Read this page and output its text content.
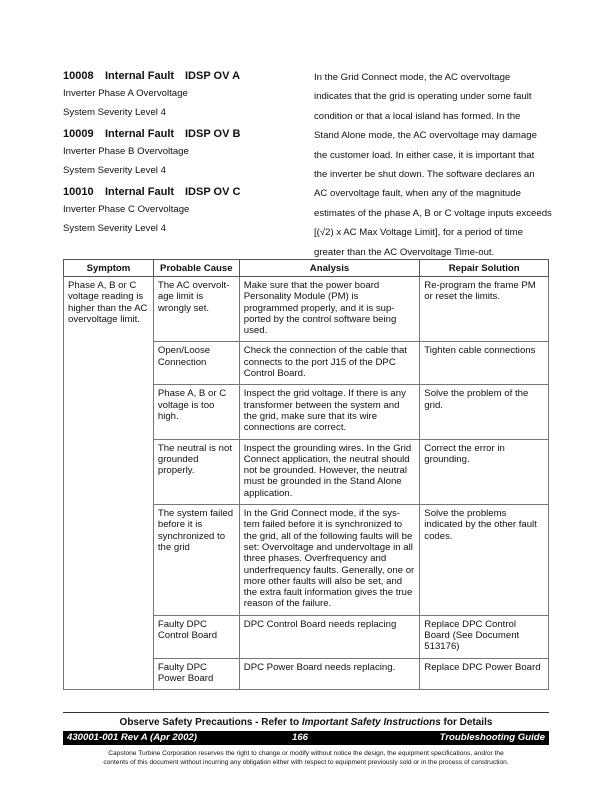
10008 Internal Fault IDSP OV A
Inverter Phase A Overvoltage
System Severity Level 4
10009 Internal Fault IDSP OV B
Inverter Phase B Overvoltage
System Severity Level 4
10010 Internal Fault IDSP OV C
Inverter Phase C Overvoltage
System Severity Level 4
In the Grid Connect mode, the AC overvoltage
indicates that the grid is operating under some fault
condition or that a local island has formed. In the
Stand Alone mode, the AC overvoltage may damage
the customer load. In either case, it is important that
the inverter be shut down. The software declares an
AC overvoltage fault, when any of the magnitude
estimates of the phase A, B or C voltage inputs exceeds
[(√2) x AC Max Voltage Limit], for a period of time
greater than the AC Overvoltage Time-out.
Symptom	Probable Cause	Analysis	Repair Solution
Phase A, B or C voltage reading is higher than the AC overvoltage limit.	The AC overvolt-age limit is wrongly set.	Make sure that the power board Personality Module (PM) is programmed properly, and it is sup-ported by the control software being used.	Re-program the frame PM or reset the limits.
	Open/Loose Connection	Check the connection of the cable that connects to the port J15 of the DPC Control Board.	Tighten cable connections
	Phase A, B or C voltage is too high.	Inspect the grid voltage. If there is any transformer between the system and the grid, make sure that its wire connections are correct.	Solve the problem of the grid.
	The neutral is not grounded properly.	Inspect the grounding wires. In the Grid Connect application, the neutral should not be grounded. However, the neutral must be grounded in the Stand Alone application.	Correct the error in grounding.
	The system failed before it is synchronized to the grid	In the Grid Connect mode, if the sys-tem failed before it is synchronized to the grid, all of the following faults will be set: Overvoltage and undervoltage in all three phases. Overfrequency and underfrequency faults. Generally, one or more other faults will also be set, and the extra fault information gives the true reason of the failure.	Solve the problems indicated by the other fault codes.
	Faulty DPC Control Board	DPC Control Board needs replacing	Replace DPC Control Board (See Document 513176)
	Faulty DPC Power Board	DPC Power Board needs replacing.	Replace DPC Power Board
Observe Safety Precautions - Refer to Important Safety Instructions for Details
430001-001 Rev A (Apr 2002)	166	Troubleshooting Guide
Capstone Turbine Corporation reserves the right to change or modify without notice the design, the equipment specifications, and/or the
contents of this document without incurring any obligation either with respect to equipment previously sold or in the process of construction.
